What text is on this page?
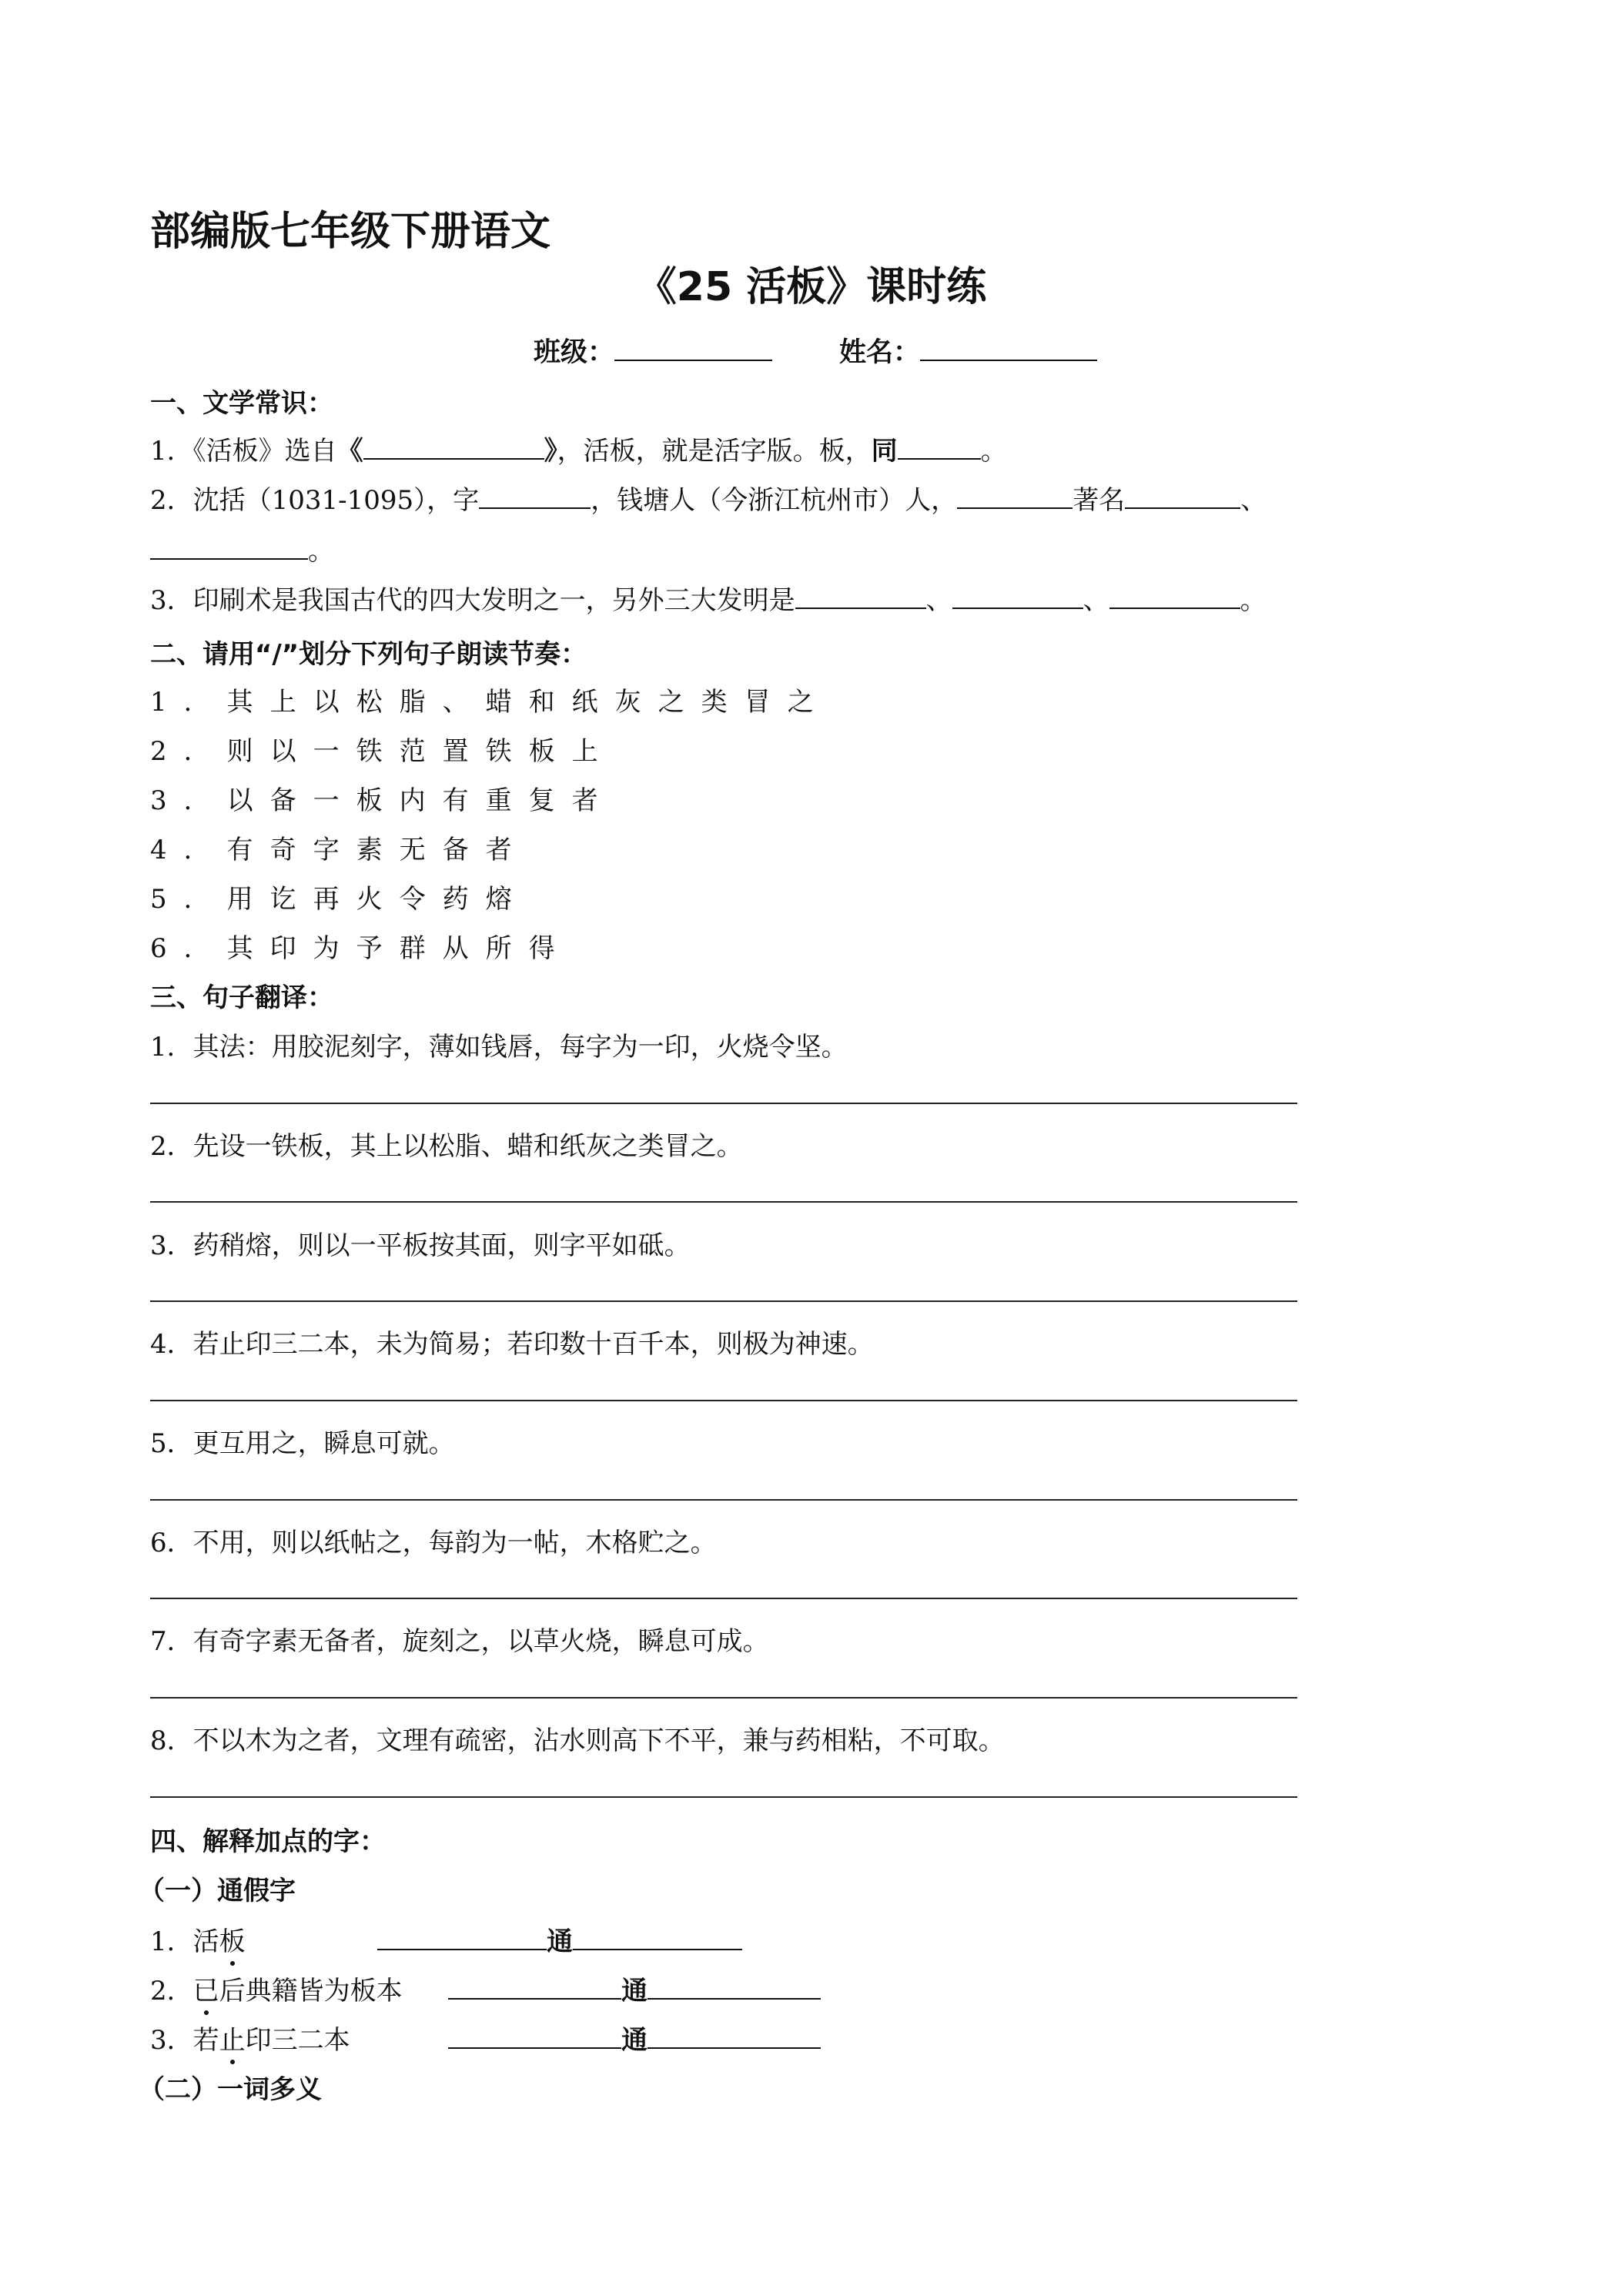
部编版七年级下册语文
《25 活板》课时练
班级：	姓名：
一、文学常识：
1．《活板》选自《	》，活板，就是活字版。板，同	。
2．沈括（1031-1095），字	，钱塘人（今浙江杭州市）人，	著名	、
。
3．印刷术是我国古代的四大发明之一，另外三大发明是	、	、	。
二、请用“/”划分下列句子朗读节奏：
1．其上以松脂、蜡和纸灰之类冒之
2．则以一铁范置铁板上
3．以备一板内有重复者
4．有奇字素无备者
5．用讫再火令药熔
6．其印为予群从所得
三、句子翻译：
1．其法：用胶泥刻字，薄如钱唇，每字为一印，火烧令坚。
2．先设一铁板，其上以松脂、蜡和纸灰之类冒之。
3．药稍熔，则以一平板按其面，则字平如砥。
4．若止印三二本，未为简易；若印数十百千本，则极为神速。
5．更互用之，瞬息可就。
6．不用，则以纸帖之，每韵为一帖，木格贮之。
7．有奇字素无备者，旋刻之，以草火烧，瞬息可成。
8．不以木为之者，文理有疏密，沾水则高下不平，兼与药相粘，不可取。
四、解释加点的字：
（一）通假字
1．活板	通
2．已后典籍皆为板本	通
3．若止印三二本	通
（二）一词多义
